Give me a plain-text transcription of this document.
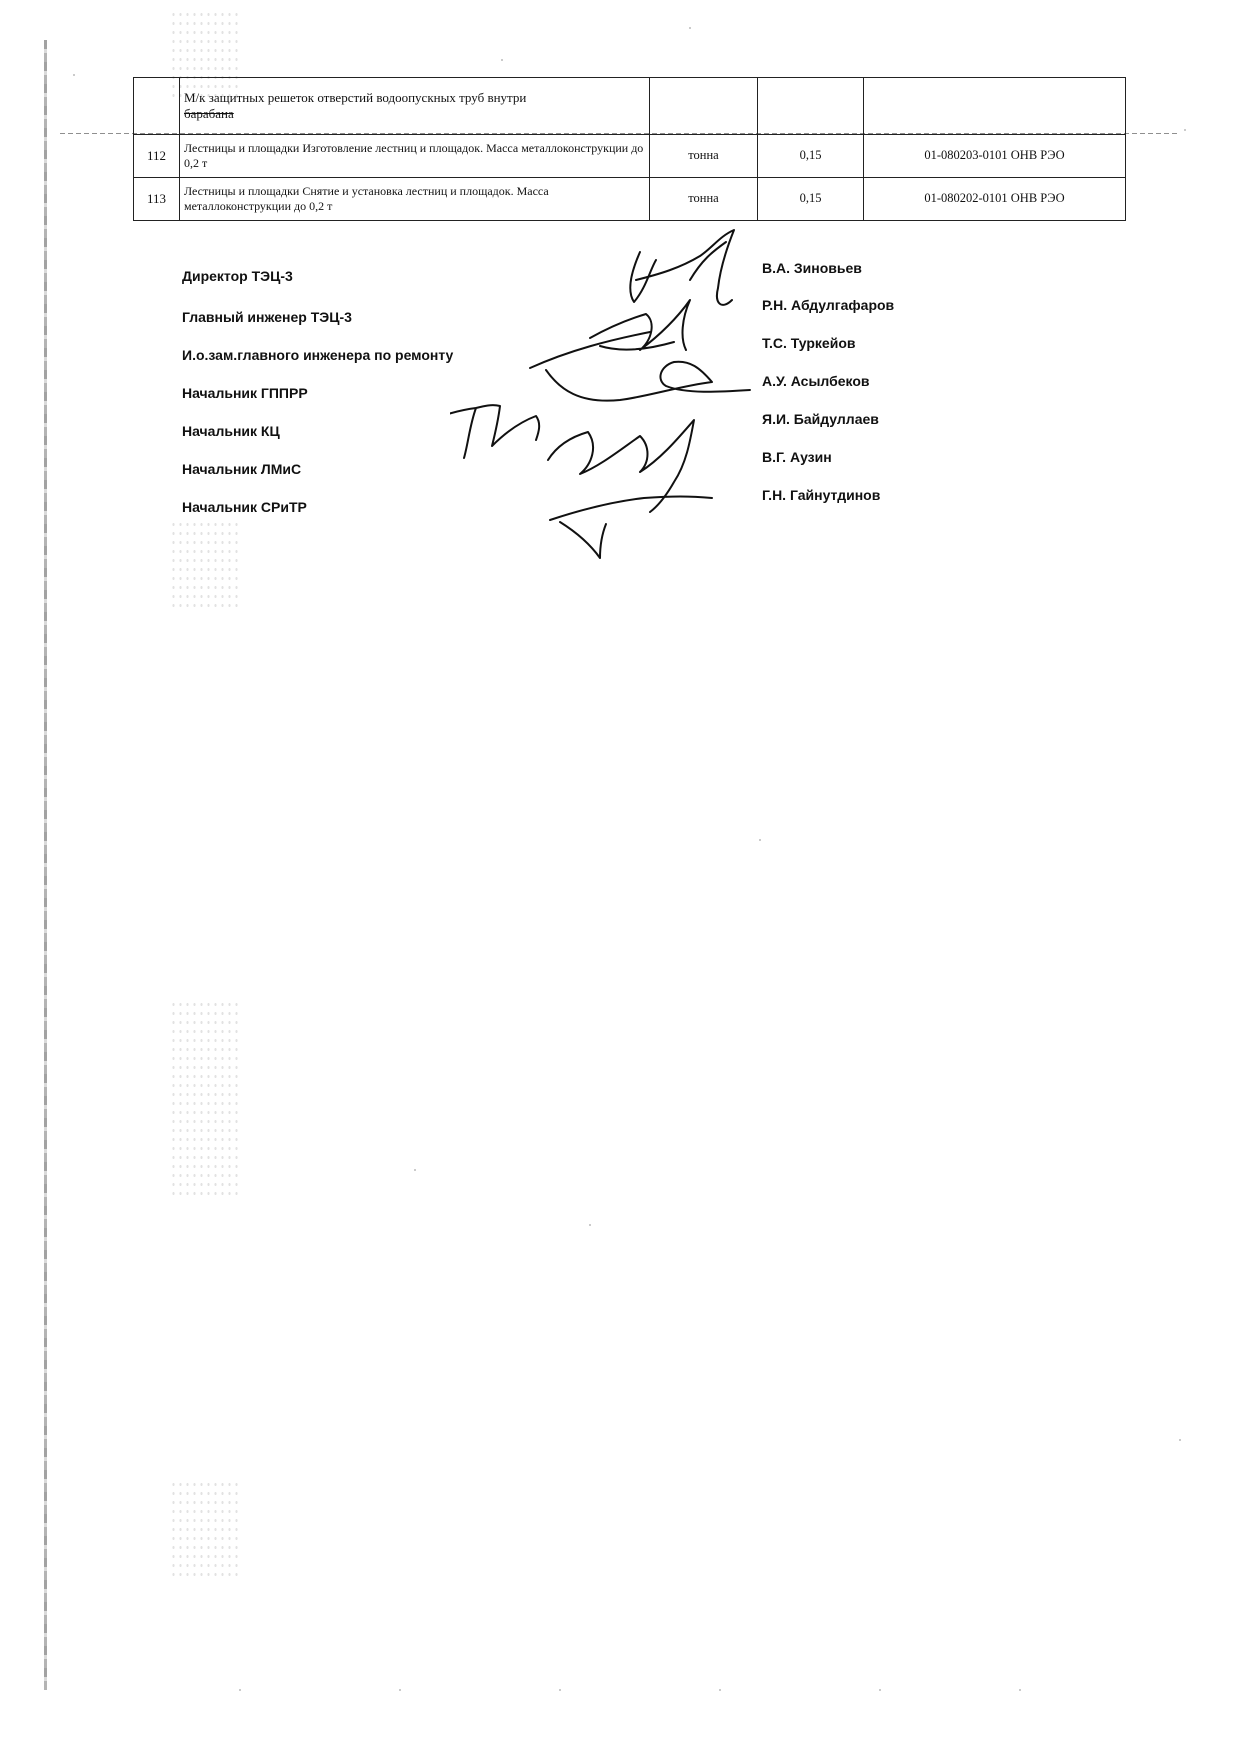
	М/к защитных решеток отверстий водоопускных труб внутри
барабана			
112	Лестницы и площадки Изготовление лестниц и площадок. Масса металлоконструкции до 0,2 т	тонна	0,15	01-080203-0101 ОНВ РЭО
113	Лестницы и площадки Снятие и установка лестниц и площадок. Масса металлоконструкции до 0,2 т	тонна	0,15	01-080202-0101 ОНВ РЭО
Директор ТЭЦ-3
Главный инженер ТЭЦ-3
И.о.зам.главного инженера по ремонту
Начальник ГППРР
Начальник КЦ
Начальник ЛМиС
Начальник СРиТР
В.А. Зиновьев
Р.Н. Абдулгафаров
Т.С. Туркейов
А.У. Асылбеков
Я.И. Байдуллаев
В.Г. Аузин
Г.Н. Гайнутдинов
